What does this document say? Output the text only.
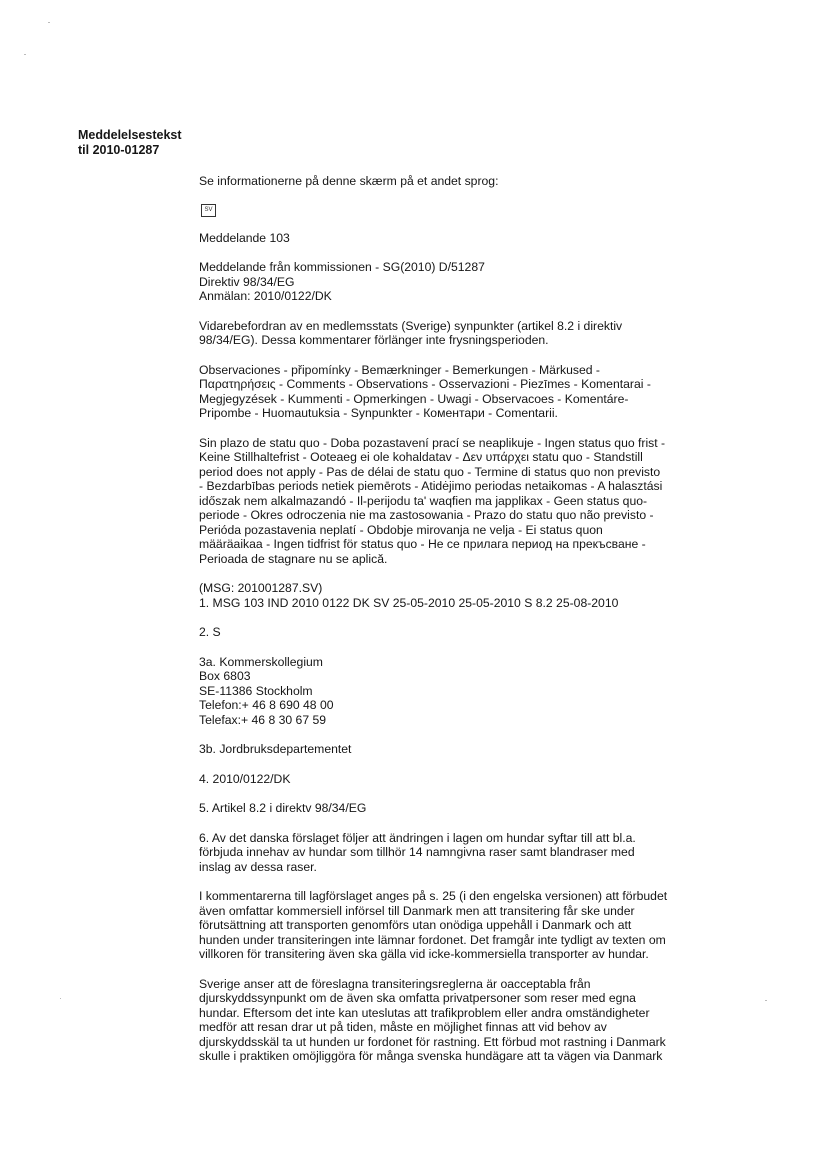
Meddelelsestekst
til 2010-01287

Se informationerne på denne skærm på et andet sprog:

SV

Meddelande 103

Meddelande från kommissionen - SG(2010) D/51287
Direktiv 98/34/EG
Anmälan: 2010/0122/DK

Vidarebefordran av en medlemsstats (Sverige) synpunkter (artikel 8.2 i direktiv
98/34/EG). Dessa kommentarer förlänger inte frysningsperioden.

Observaciones - připomínky - Bemærkninger - Bemerkungen - Märkused -
Παρατηρήσεις - Comments - Observations - Osservazioni - Piezīmes - Komentarai -
Megjegyzések - Kummenti - Opmerkingen - Uwagi - Observacoes - Komentáre-
Pripombe - Huomautuksia - Synpunkter - Коментари - Comentarii.

Sin plazo de statu quo - Doba pozastavení prací se neaplikuje - Ingen status quo frist -
Keine Stillhaltefrist - Ooteaeg ei ole kohaldatav - Δεν υπάρχει statu quo - Standstill
period does not apply - Pas de délai de statu quo - Termine di status quo non previsto
- Bezdarbības periods netiek piemērots - Atidėjimo periodas netaikomas - A halasztási
időszak nem alkalmazandó - Il-perijodu ta' waqfien ma japplikax - Geen status quo-
periode - Okres odroczenia nie ma zastosowania - Prazo do statu quo não previsto -
Perióda pozastavenia neplatí - Obdobje mirovanja ne velja - Ei status quon
määräaikaa - Ingen tidfrist för status quo - Не се прилага период на прекъсване -
Perioada de stagnare nu se aplică.

(MSG: 201001287.SV)
1. MSG 103 IND 2010 0122 DK SV 25-05-2010 25-05-2010 S 8.2 25-08-2010

2. S

3a. Kommerskollegium
Box 6803
SE-11386 Stockholm
Telefon:+ 46 8 690 48 00
Telefax:+ 46 8 30 67 59

3b. Jordbruksdepartementet

4. 2010/0122/DK

5. Artikel 8.2 i direktv 98/34/EG

6. Av det danska förslaget följer att ändringen i lagen om hundar syftar till att bl.a.
förbjuda innehav av hundar som tillhör 14 namngivna raser samt blandraser med
inslag av dessa raser.

I kommentarerna till lagförslaget anges på s. 25 (i den engelska versionen) att förbudet
även omfattar kommersiell införsel till Danmark men att transitering får ske under
förutsättning att transporten genomförs utan onödiga uppehåll i Danmark och att
hunden under transiteringen inte lämnar fordonet. Det framgår inte tydligt av texten om
villkoren för transitering även ska gälla vid icke-kommersiella transporter av hundar.

Sverige anser att de föreslagna transiteringsreglerna är oacceptabla från
djurskyddssynpunkt om de även ska omfatta privatpersoner som reser med egna
hundar. Eftersom det inte kan uteslutas att trafikproblem eller andra omständigheter
medför att resan drar ut på tiden, måste en möjlighet finnas att vid behov av
djurskyddsskäl ta ut hunden ur fordonet för rastning. Ett förbud mot rastning i Danmark
skulle i praktiken omöjliggöra för många svenska hundägare att ta vägen via Danmark
